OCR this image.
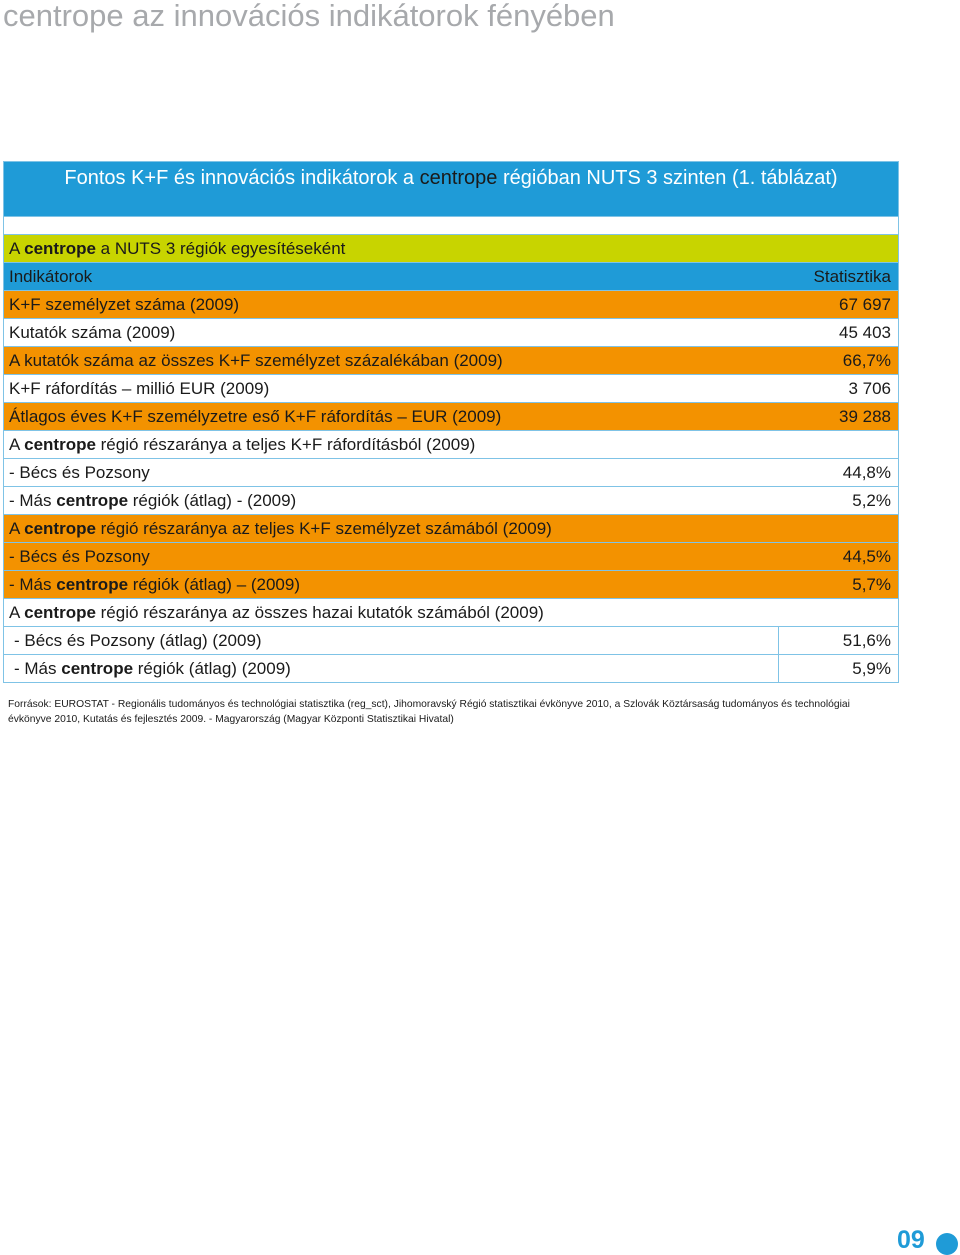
centrope az innovációs indikátorok fényében
Fontos K+F és innovációs indikátorok a centrope régióban NUTS 3 szinten (1. táblázat)
A centrope a NUTS 3 régiók egyesítéseként
Indikátorok	Statisztika
K+F személyzet száma (2009)	67 697
Kutatók száma (2009)	45 403
A kutatók száma az összes K+F személyzet százalékában (2009)	66,7%
K+F ráfordítás – millió EUR (2009)	3 706
Átlagos éves K+F személyzetre eső K+F ráfordítás – EUR (2009)	39 288
A centrope régió részaránya a teljes K+F ráfordításból (2009)
- Bécs és Pozsony	44,8%
- Más centrope régiók (átlag) - (2009)	5,2%
A centrope régió részaránya az teljes K+F személyzet számából (2009)
- Bécs és Pozsony	44,5%
- Más centrope régiók (átlag) – (2009)	5,7%
A centrope régió részaránya az összes hazai kutatók számából (2009)
- Bécs és Pozsony (átlag) (2009)	51,6%
- Más centrope régiók (átlag) (2009)	5,9%
Források: EUROSTAT - Regionális tudományos és technológiai statisztika (reg_sct), Jihomoravský Régió statisztikai évkönyve 2010, a Szlovák Köztársaság tudományos és technológiai évkönyve 2010, Kutatás és fejlesztés 2009. - Magyarország (Magyar Központi Statisztikai Hivatal)
09
